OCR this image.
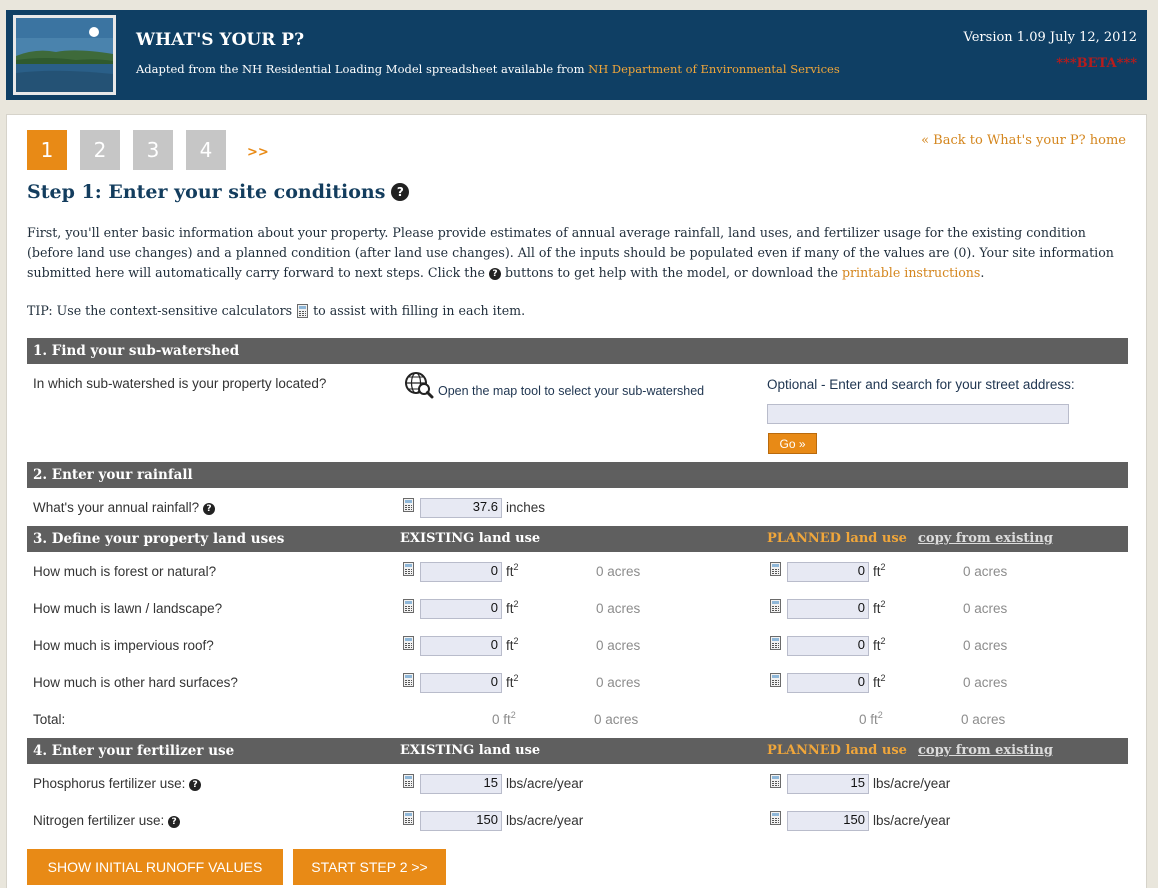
WHAT'S YOUR P?
Adapted from the NH Residential Loading Model spreadsheet available from NH Department of Environmental Services
Version 1.09 July 12, 2012
***BETA***
1	2	3	4	>>
« Back to What's your P? home
Step 1: Enter your site conditions ?
First, you'll enter basic information about your property. Please provide estimates of annual average rainfall, land uses, and fertilizer usage for the existing condition (before land use changes) and a planned condition (after land use changes). All of the inputs should be populated even if many of the values are (0). Your site information submitted here will automatically carry forward to next steps. Click the ? buttons to get help with the model, or download the printable instructions.
TIP: Use the context-sensitive calculators to assist with filling in each item.
1. Find your sub-watershed
In which sub-watershed is your property located?	Open the map tool to select your sub-watershed	Optional - Enter and search for your street address:
Go »
2. Enter your rainfall
What's your annual rainfall? ?	37.6 inches
3. Define your property land uses	EXISTING land use	PLANNED land use copy from existing
How much is forest or natural?	0 $ft^2$	0 acres	0 $ft^2$	0 acres
How much is lawn / landscape?	0 $ft^2$	0 acres	0 $ft^2$	0 acres
How much is impervious roof?	0 $ft^2$	0 acres	0 $ft^2$	0 acres
How much is other hard surfaces?	0 $ft^2$	0 acres	0 $ft^2$	0 acres
Total:	0 $ft^2$	0 acres	0 $ft^2$	0 acres
4. Enter your fertilizer use	EXISTING land use	PLANNED land use copy from existing
Phosphorus fertilizer use: ?	15 lbs/acre/year	15 lbs/acre/year
Nitrogen fertilizer use: ?	150 lbs/acre/year	150 lbs/acre/year
SHOW INITIAL RUNOFF VALUES	START STEP 2 >>
